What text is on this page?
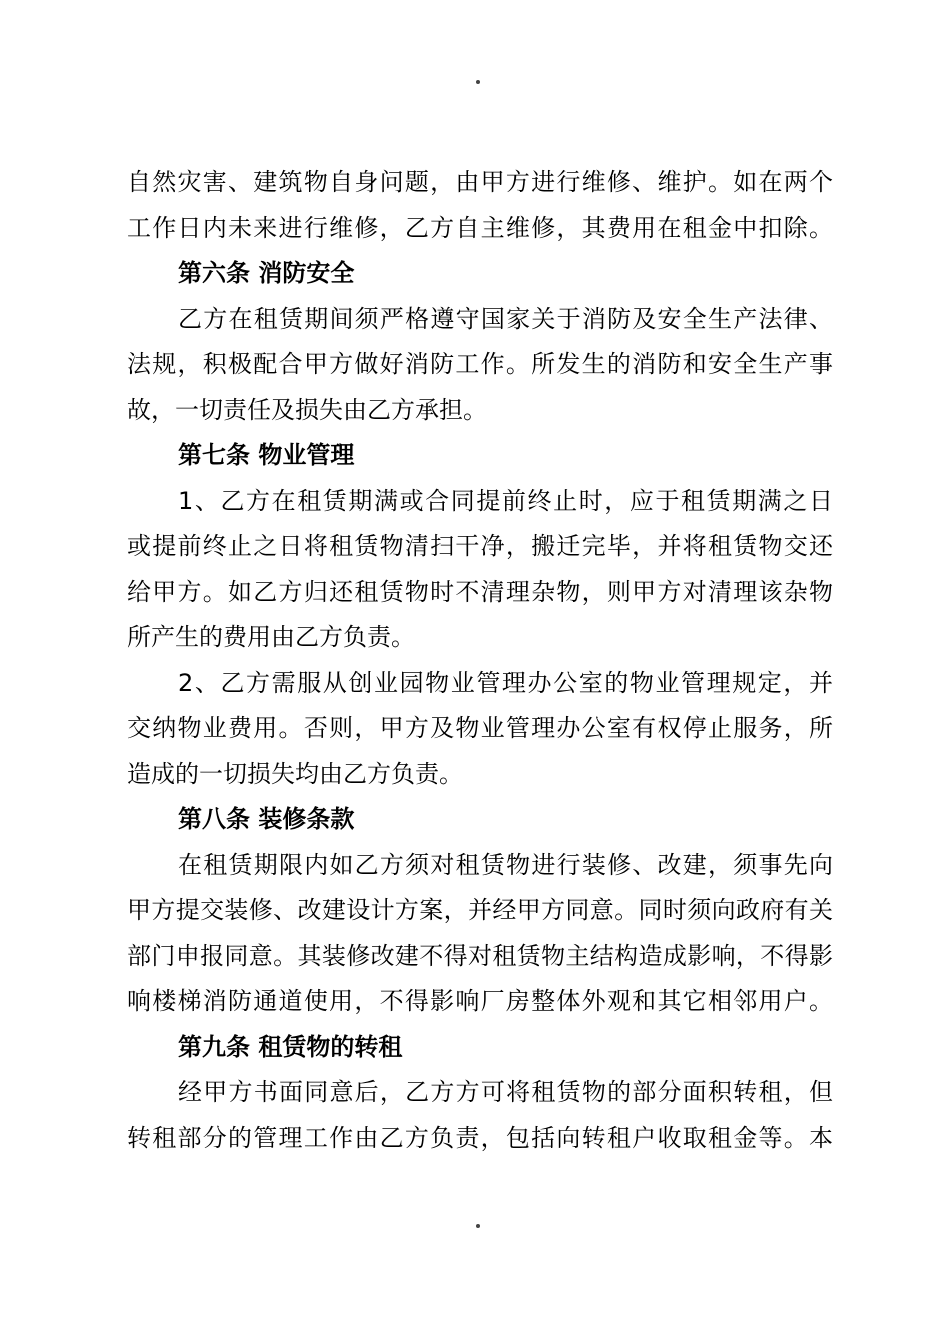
自然灾害、建筑物自身问题，由甲方进行维修、维护。如在两个
工作日内未来进行维修，乙方自主维修，其费用在租金中扣除。
第六条 消防安全
乙方在租赁期间须严格遵守国家关于消防及安全生产法律、
法规，积极配合甲方做好消防工作。所发生的消防和安全生产事
故，一切责任及损失由乙方承担。
第七条 物业管理
1、乙方在租赁期满或合同提前终止时，应于租赁期满之日
或提前终止之日将租赁物清扫干净，搬迁完毕，并将租赁物交还
给甲方。如乙方归还租赁物时不清理杂物，则甲方对清理该杂物
所产生的费用由乙方负责。
2、乙方需服从创业园物业管理办公室的物业管理规定，并
交纳物业费用。否则，甲方及物业管理办公室有权停止服务，所
造成的一切损失均由乙方负责。
第八条 装修条款
在租赁期限内如乙方须对租赁物进行装修、改建，须事先向
甲方提交装修、改建设计方案，并经甲方同意。同时须向政府有关
部门申报同意。其装修改建不得对租赁物主结构造成影响，不得影
响楼梯消防通道使用，不得影响厂房整体外观和其它相邻用户。
第九条 租赁物的转租
经甲方书面同意后，乙方方可将租赁物的部分面积转租，但
转租部分的管理工作由乙方负责，包括向转租户收取租金等。本
